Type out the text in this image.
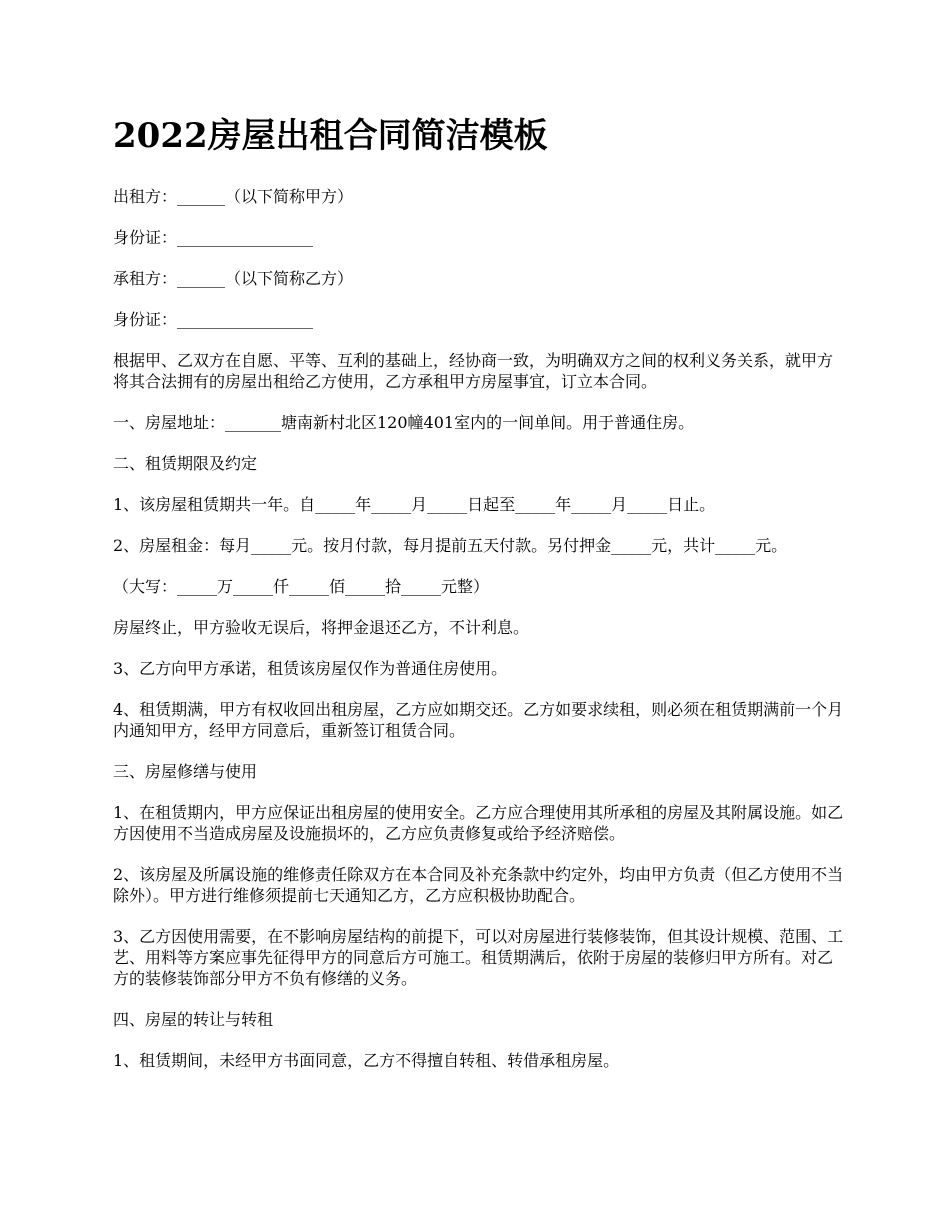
2022房屋出租合同简洁模板

出租方：______（以下简称甲方）

身份证：_________________

承租方：______（以下简称乙方）

身份证：_________________

根据甲、乙双方在自愿、平等、互利的基础上，经协商一致，为明确双方之间的权利义务关系，就甲方将其合法拥有的房屋出租给乙方使用，乙方承租甲方房屋事宜，订立本合同。

一、房屋地址：_______塘南新村北区120幢401室内的一间单间。用于普通住房。

二、租赁期限及约定

1、该房屋租赁期共一年。自_____年_____月_____日起至_____年_____月_____日止。

2、房屋租金：每月_____元。按月付款，每月提前五天付款。另付押金_____元，共计_____元。

（大写：_____万_____仟_____佰_____拾_____元整）

房屋终止，甲方验收无误后，将押金退还乙方，不计利息。

3、乙方向甲方承诺，租赁该房屋仅作为普通住房使用。

4、租赁期满，甲方有权收回出租房屋，乙方应如期交还。乙方如要求续租，则必须在租赁期满前一个月内通知甲方，经甲方同意后，重新签订租赁合同。

三、房屋修缮与使用

1、在租赁期内，甲方应保证出租房屋的使用安全。乙方应合理使用其所承租的房屋及其附属设施。如乙方因使用不当造成房屋及设施损坏的，乙方应负责修复或给予经济赔偿。

2、该房屋及所属设施的维修责任除双方在本合同及补充条款中约定外，均由甲方负责（但乙方使用不当除外）。甲方进行维修须提前七天通知乙方，乙方应积极协助配合。

3、乙方因使用需要，在不影响房屋结构的前提下，可以对房屋进行装修装饰，但其设计规模、范围、工艺、用料等方案应事先征得甲方的同意后方可施工。租赁期满后，依附于房屋的装修归甲方所有。对乙方的装修装饰部分甲方不负有修缮的义务。

四、房屋的转让与转租

1、租赁期间，未经甲方书面同意，乙方不得擅自转租、转借承租房屋。
